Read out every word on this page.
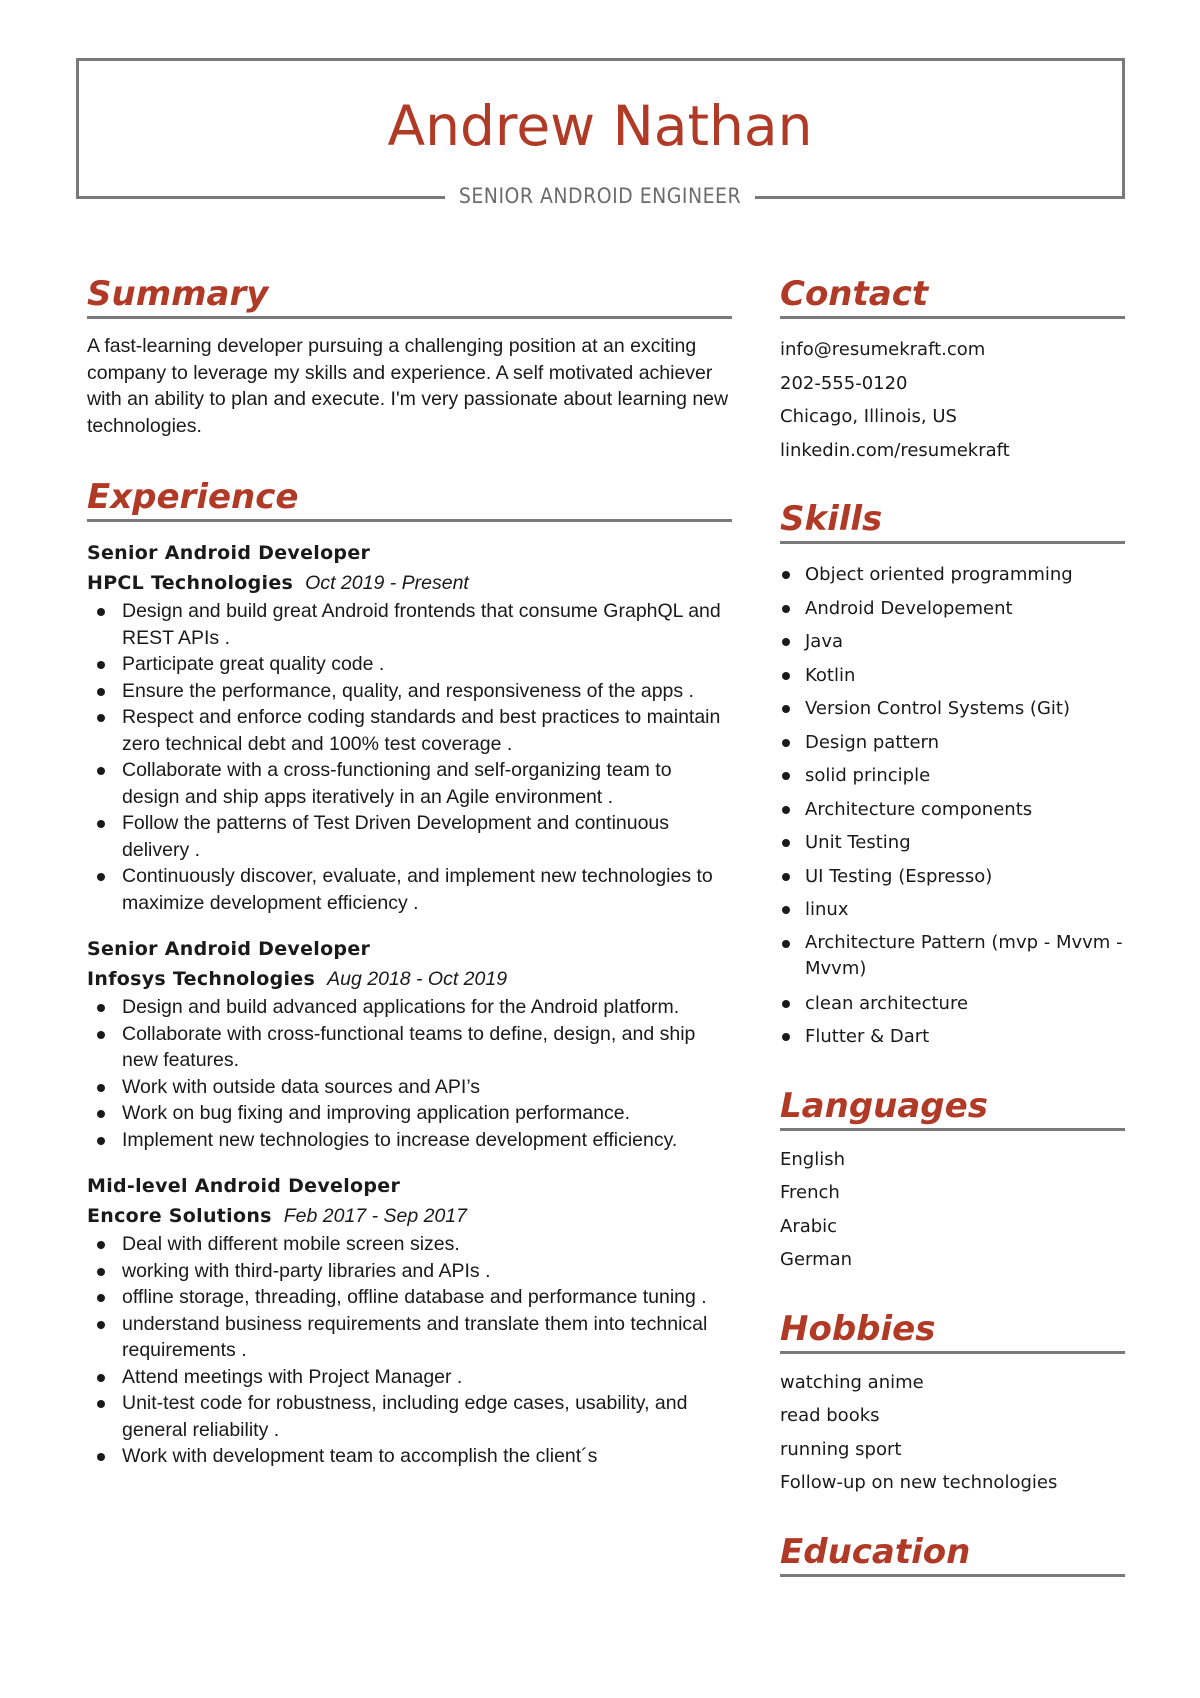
Andrew Nathan
SENIOR ANDROID ENGINEER
Summary

A fast-learning developer pursuing a challenging position at an exciting company to leverage my skills and experience. A self motivated achiever with an ability to plan and execute. I'm very passionate about learning new technologies.

Experience
Senior Android Developer
HPCL Technologies Oct 2019 - Present
Design and build great Android frontends that consume GraphQL and REST APIs .
Participate great quality code .
Ensure the performance, quality, and responsiveness of the apps .
Respect and enforce coding standards and best practices to maintain zero technical debt and 100% test coverage .
Collaborate with a cross-functioning and self-organizing team to design and ship apps iteratively in an Agile environment .
Follow the patterns of Test Driven Development and continuous delivery .
Continuously discover, evaluate, and implement new technologies to maximize development efficiency .
Senior Android Developer
Infosys Technologies Aug 2018 - Oct 2019
Design and build advanced applications for the Android platform.
Collaborate with cross-functional teams to define, design, and ship new features.
Work with outside data sources and API’s
Work on bug fixing and improving application performance.
Implement new technologies to increase development efficiency.
Mid-level Android Developer
Encore Solutions Feb 2017 - Sep 2017
Deal with different mobile screen sizes.
working with third-party libraries and APIs .
offline storage, threading, offline database and performance tuning .
understand business requirements and translate them into technical requirements .
Attend meetings with Project Manager .
Unit-test code for robustness, including edge cases, usability, and general reliability .
Work with development team to accomplish the client´s
Contact
info@resumekraft.com
202-555-0120
Chicago, Illinois, US
linkedin.com/resumekraft
Skills
Object oriented programming
Android Developement
Java
Kotlin
Version Control Systems (Git)
Design pattern
solid principle
Architecture components
Unit Testing
UI Testing (Espresso)
linux
Architecture Pattern (mvp - Mvvm - Mvvm)
clean architecture
Flutter & Dart
Languages
English
French
Arabic
German
Hobbies
watching anime
read books
running sport
Follow-up on new technologies
Education
